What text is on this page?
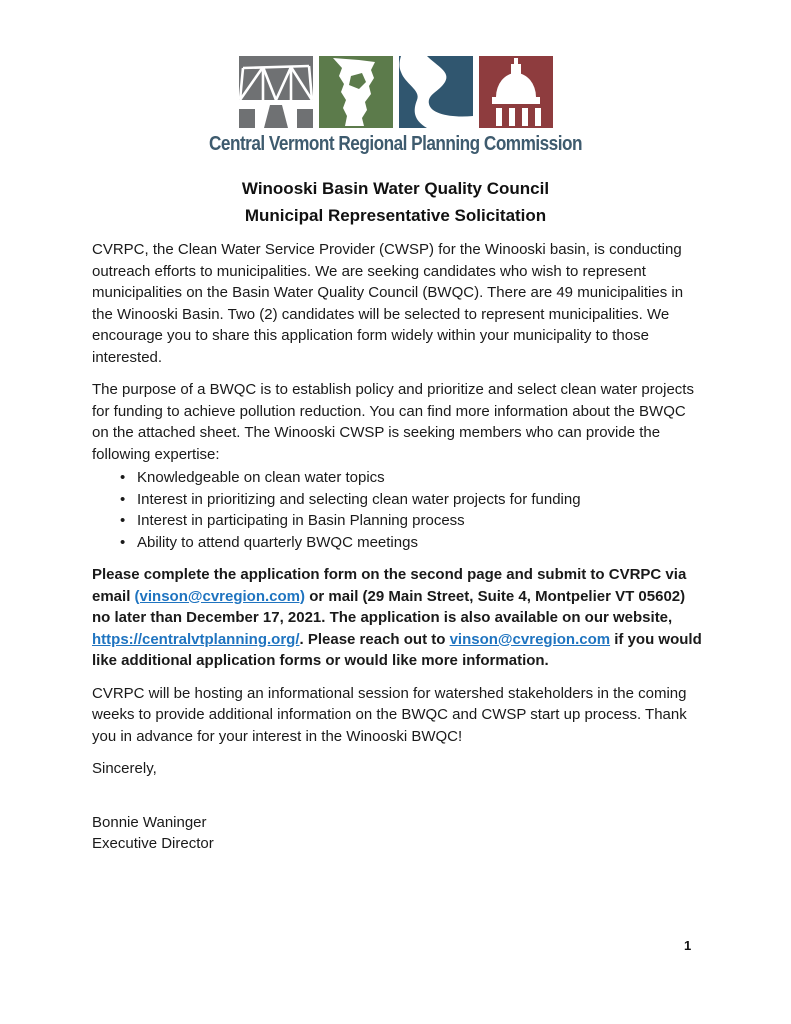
Central Vermont Regional Planning Commission
Winooski Basin Water Quality Council
Municipal Representative Solicitation

CVRPC, the Clean Water Service Provider (CWSP) for the Winooski basin, is conducting outreach efforts to municipalities. We are seeking candidates who wish to represent municipalities on the Basin Water Quality Council (BWQC). There are 49 municipalities in the Winooski Basin. Two (2) candidates will be selected to represent municipalities. We encourage you to share this application form widely within your municipality to those interested.

The purpose of a BWQC is to establish policy and prioritize and select clean water projects for funding to achieve pollution reduction. You can find more information about the BWQC on the attached sheet. The Winooski CWSP is seeking members who can provide the following expertise:

• Knowledgeable on clean water topics
• Interest in prioritizing and selecting clean water projects for funding
• Interest in participating in Basin Planning process
• Ability to attend quarterly BWQC meetings

Please complete the application form on the second page and submit to CVRPC via email (vinson@cvregion.com) or mail (29 Main Street, Suite 4, Montpelier VT 05602) no later than December 17, 2021. The application is also available on our website, https://centralvtplanning.org/. Please reach out to vinson@cvregion.com if you would like additional application forms or would like more information.

CVRPC will be hosting an informational session for watershed stakeholders in the coming weeks to provide additional information on the BWQC and CWSP start up process. Thank you in advance for your interest in the Winooski BWQC!

Sincerely,

Bonnie Waninger
Executive Director
1
